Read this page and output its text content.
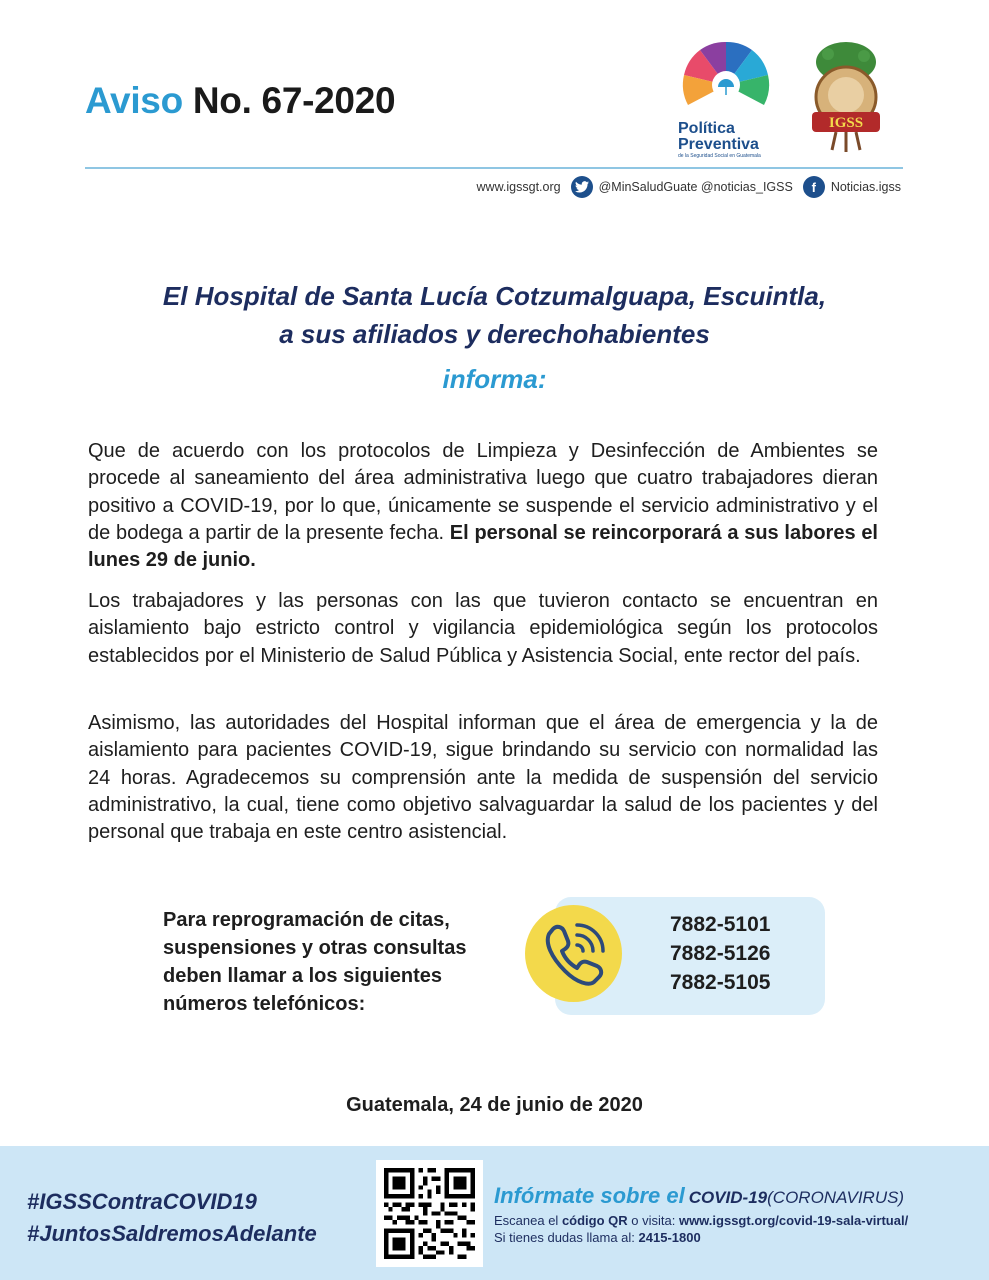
Aviso No. 67-2020
Política
Preventiva
de la Seguridad Social en Guatemala
IGSS
www.igssgt.org	@MinSaludGuate @noticias_IGSS	f	Noticias.igss
El Hospital de Santa Lucía Cotzumalguapa, Escuintla,
a sus afiliados y derechohabientes
informa:

Que de acuerdo con los protocolos de Limpieza y Desinfección de Ambientes se procede al saneamiento del área administrativa luego que cuatro trabajadores dieran positivo a COVID-19, por lo que, únicamente se suspende el servicio administrativo y el de bodega a partir de la presente fecha. El personal se reincorporará a sus labores el lunes 29 de junio.

Los trabajadores y las personas con las que tuvieron contacto se encuentran en aislamiento bajo estricto control y vigilancia epidemiológica según los protocolos establecidos por el Ministerio de Salud Pública y Asistencia Social, ente rector del país.

Asimismo, las autoridades del Hospital informan que el área de emergencia y la de aislamiento para pacientes COVID-19, sigue brindando su servicio con normalidad las 24 horas. Agradecemos su comprensión ante la medida de suspensión del servicio administrativo, la cual, tiene como objetivo salvaguardar la salud de los pacientes y del personal que trabaja en este centro asistencial.

Para reprogramación de citas,
suspensiones y otras consultas
deben llamar a los siguientes
números telefónicos:
7882-5101
7882-5126
7882-5105
Guatemala, 24 de junio de 2020
#IGSSContraCOVID19
#JuntosSaldremosAdelante
Infórmate sobre el COVID-19(CORONAVIRUS)
Escanea el código QR o visita: www.igssgt.org/covid-19-sala-virtual/
Si tienes dudas llama al: 2415-1800
